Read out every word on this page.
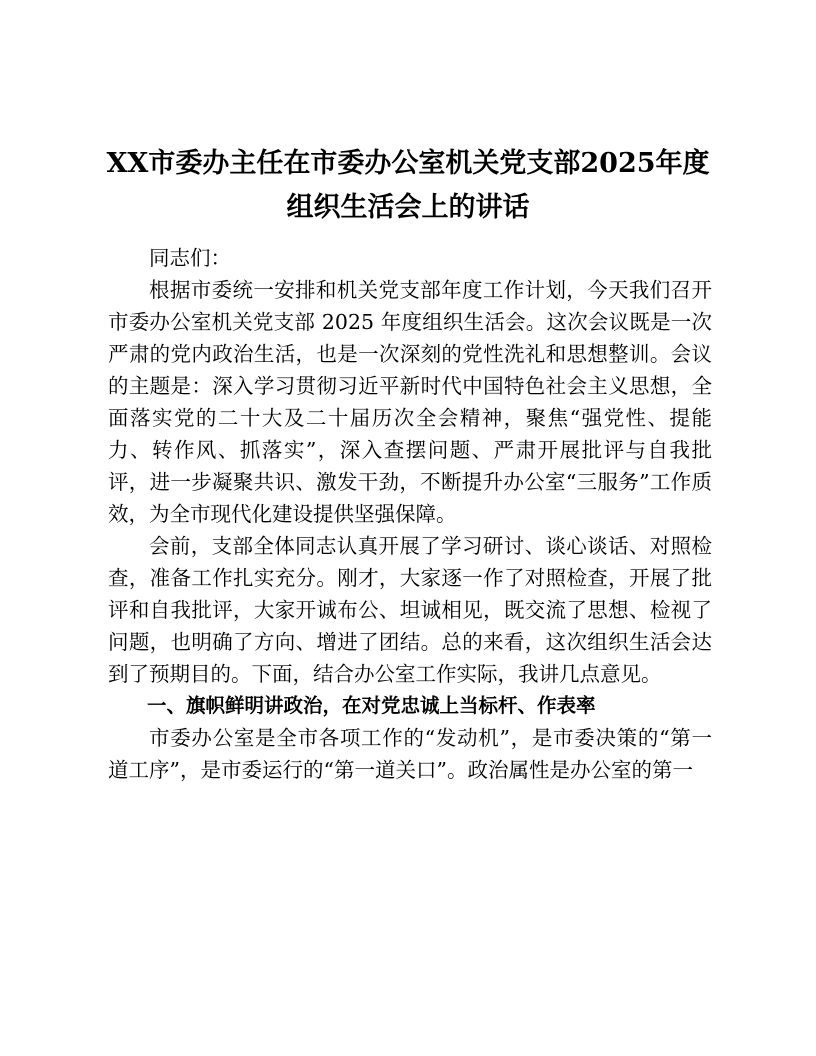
XX市委办主任在市委办公室机关党支部2025年度组织生活会上的讲话

同志们：

根据市委统一安排和机关党支部年度工作计划，今天我们召开市委办公室机关党支部 2025 年度组织生活会。这次会议既是一次严肃的党内政治生活，也是一次深刻的党性洗礼和思想整训。会议的主题是：深入学习贯彻习近平新时代中国特色社会主义思想，全面落实党的二十大及二十届历次全会精神，聚焦“强党性、提能力、转作风、抓落实”，深入查摆问题、严肃开展批评与自我批评，进一步凝聚共识、激发干劲，不断提升办公室“三服务”工作质效，为全市现代化建设提供坚强保障。

会前，支部全体同志认真开展了学习研讨、谈心谈话、对照检查，准备工作扎实充分。刚才，大家逐一作了对照检查，开展了批评和自我批评，大家开诚布公、坦诚相见，既交流了思想、检视了问题，也明确了方向、增进了团结。总的来看，这次组织生活会达到了预期目的。下面，结合办公室工作实际，我讲几点意见。

一、旗帜鲜明讲政治，在对党忠诚上当标杆、作表率

市委办公室是全市各项工作的“发动机”，是市委决策的“第一道工序”，是市委运行的“第一道关口”。政治属性是办公室的第一
